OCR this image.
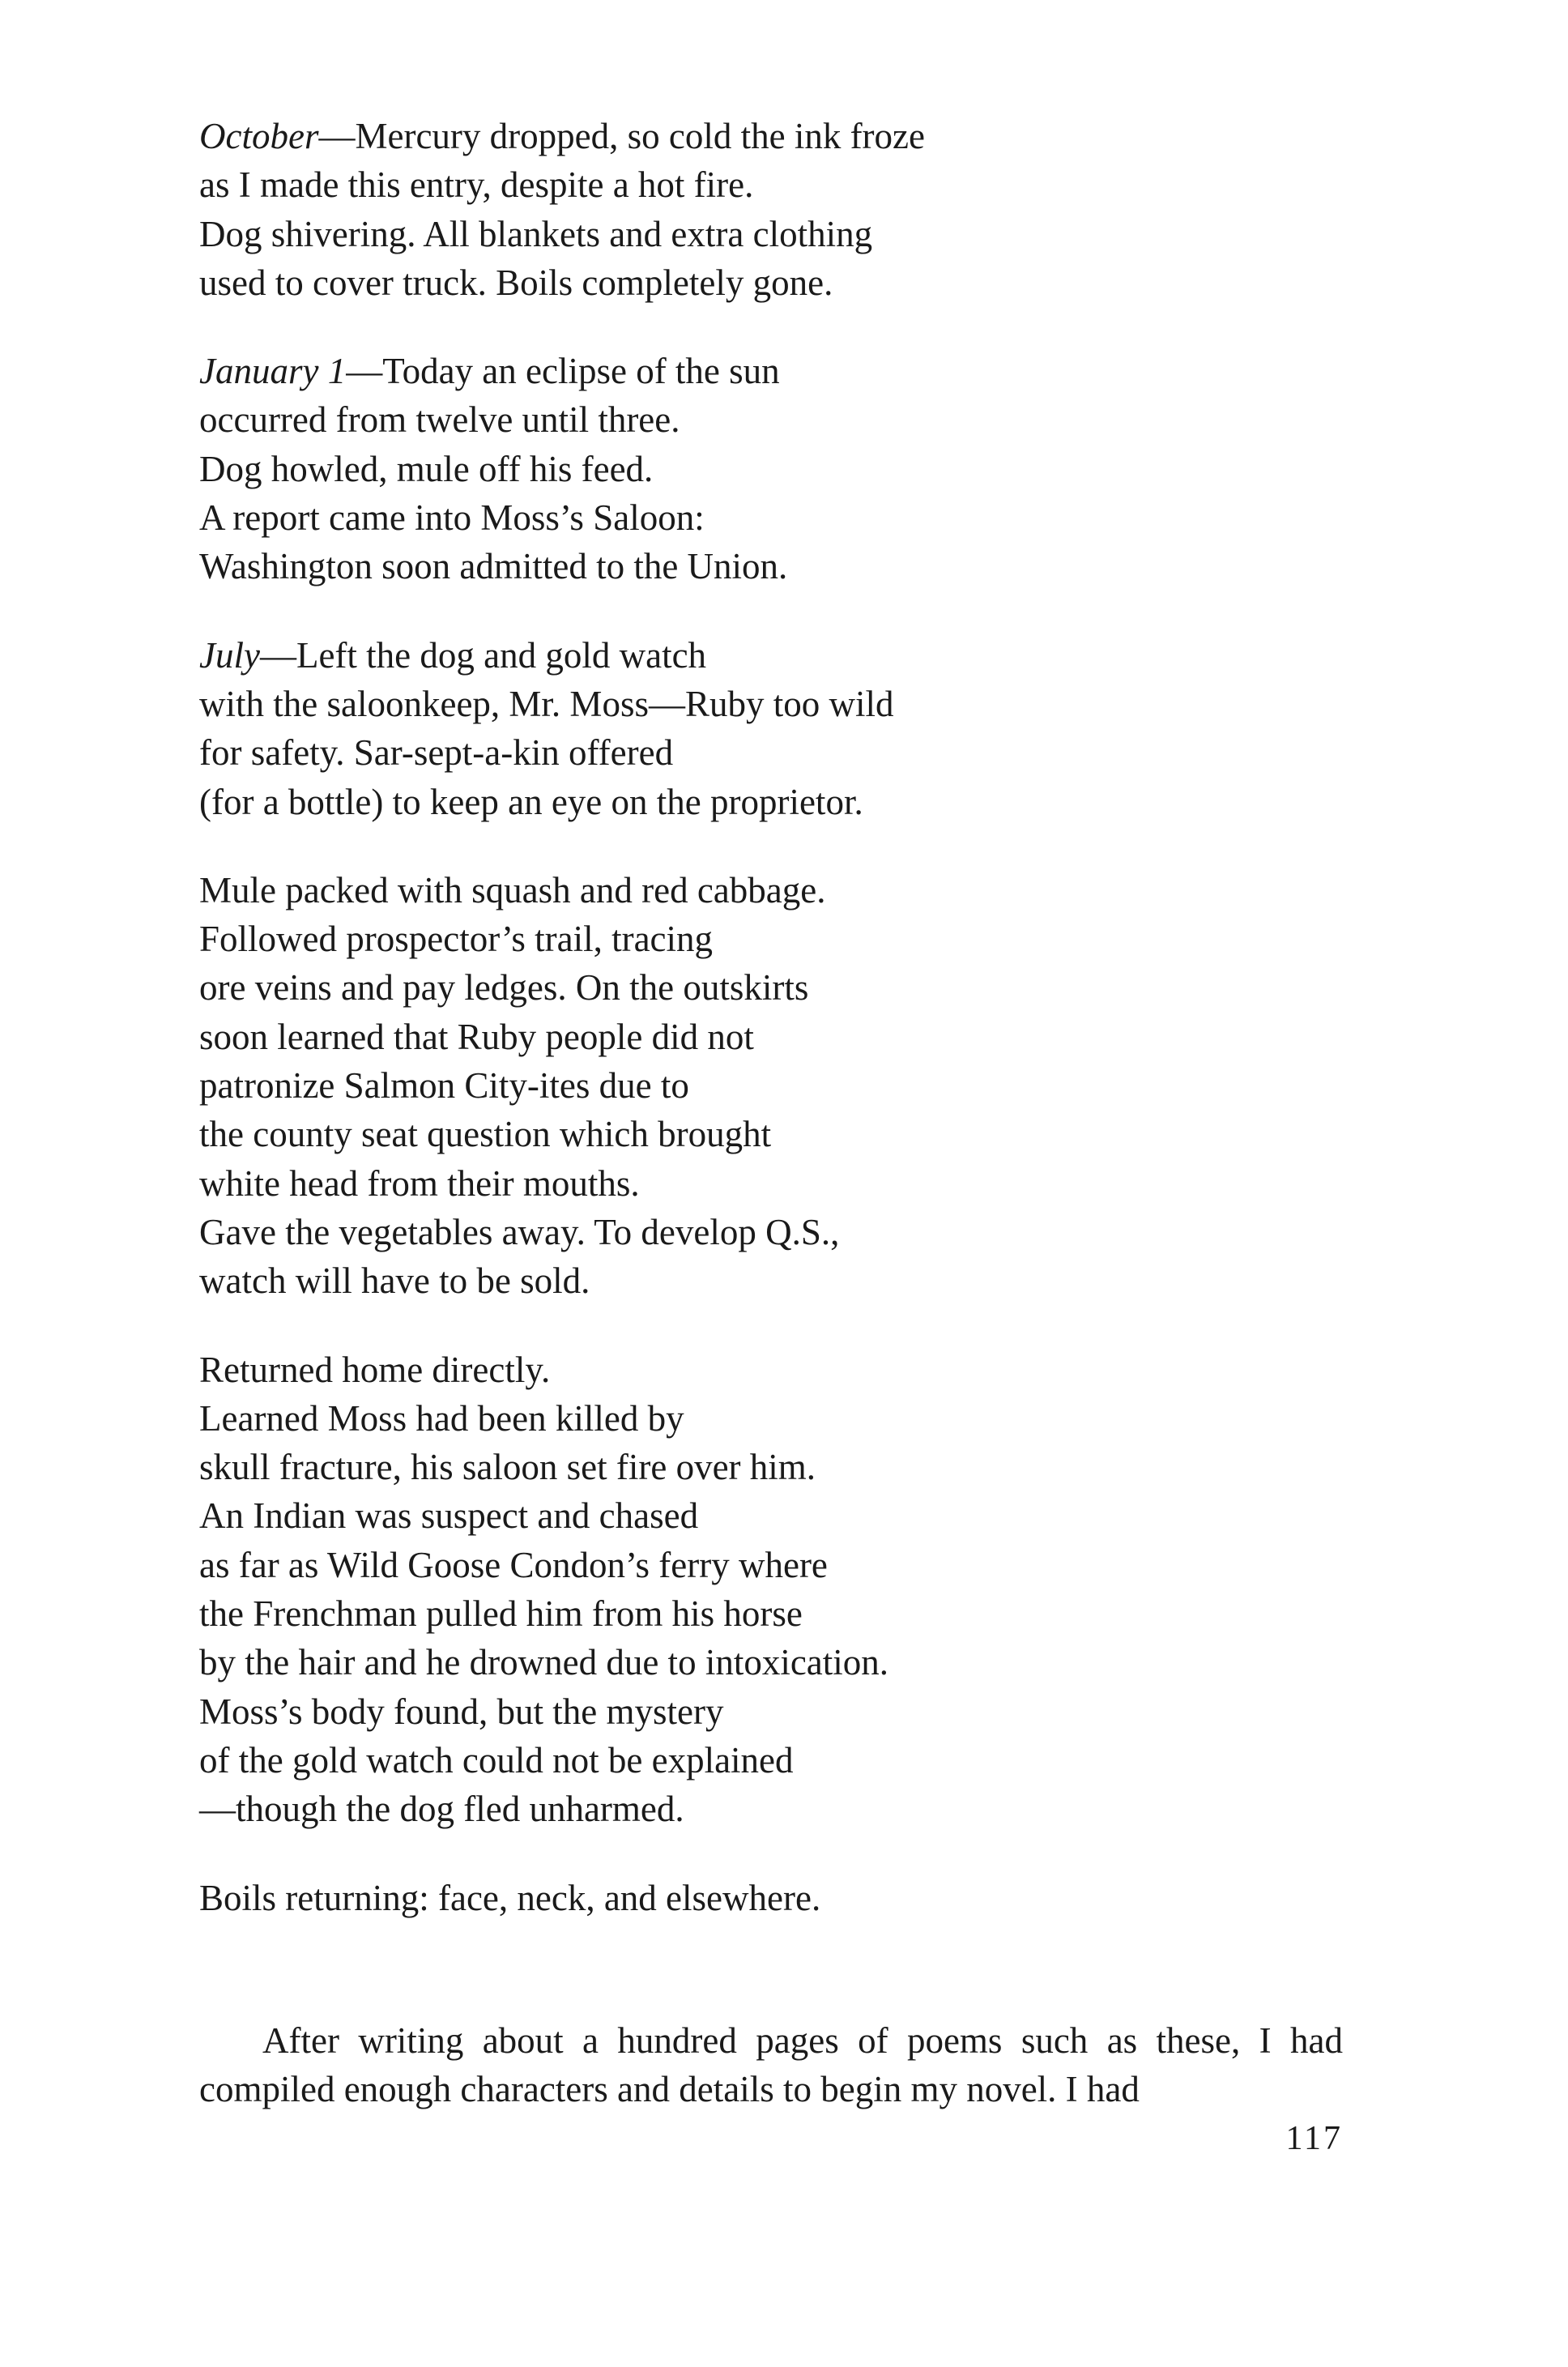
October—Mercury dropped, so cold the ink froze
as I made this entry, despite a hot fire.
Dog shivering. All blankets and extra clothing
used to cover truck. Boils completely gone.
January 1—Today an eclipse of the sun
occurred from twelve until three.
Dog howled, mule off his feed.
A report came into Moss’s Saloon:
Washington soon admitted to the Union.
July—Left the dog and gold watch
with the saloonkeep, Mr. Moss—Ruby too wild
for safety. Sar-sept-a-kin offered
(for a bottle) to keep an eye on the proprietor.
Mule packed with squash and red cabbage.
Followed prospector’s trail, tracing
ore veins and pay ledges. On the outskirts
soon learned that Ruby people did not
patronize Salmon City-ites due to
the county seat question which brought
white head from their mouths.
Gave the vegetables away. To develop Q.S.,
watch will have to be sold.
Returned home directly.
Learned Moss had been killed by
skull fracture, his saloon set fire over him.
An Indian was suspect and chased
as far as Wild Goose Condon’s ferry where
the Frenchman pulled him from his horse
by the hair and he drowned due to intoxication.
Moss’s body found, but the mystery
of the gold watch could not be explained
—though the dog fled unharmed.
Boils returning: face, neck, and elsewhere.

After writing about a hundred pages of poems such as these, I had compiled enough characters and details to begin my novel. I had

117
